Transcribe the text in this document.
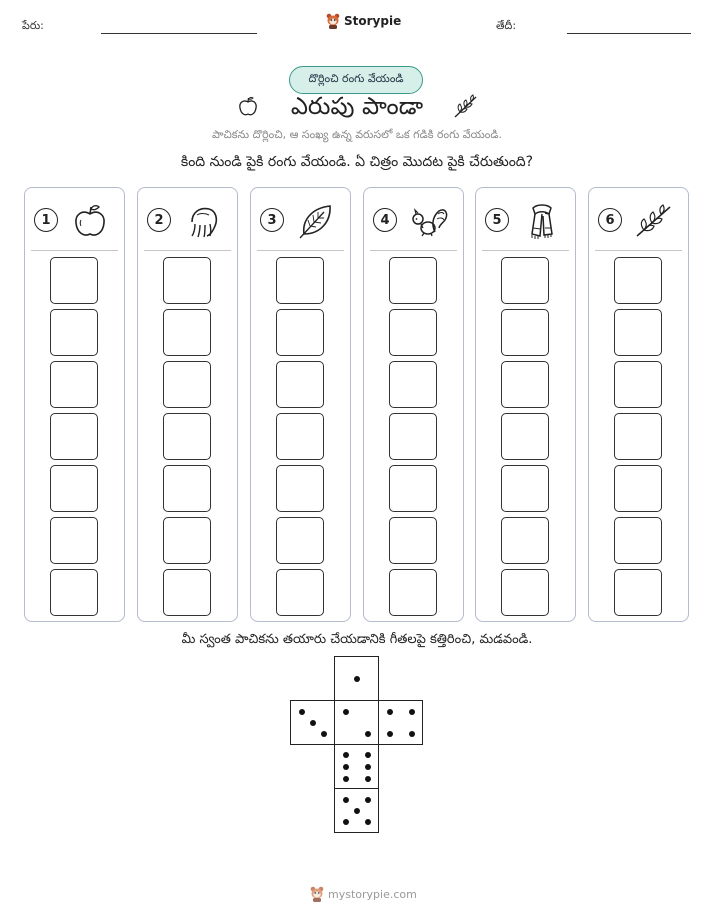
పేరు:	Storypie	తేదీ:
దొర్లించి రంగు వేయండి
ఎరుపు పాండా
పాచికను దొర్లించి, ఆ సంఖ్య ఉన్న వరుసలో ఒక గడికి రంగు వేయండి.
కింది నుండి పైకి రంగు వేయండి. ఏ చిత్రం మొదట పైకి చేరుతుంది?
1	2	3	4	5	6
మీ స్వంత పాచికను తయారు చేయడానికి గీతలపై కత్తిరించి, మడవండి.
mystorypie.com
